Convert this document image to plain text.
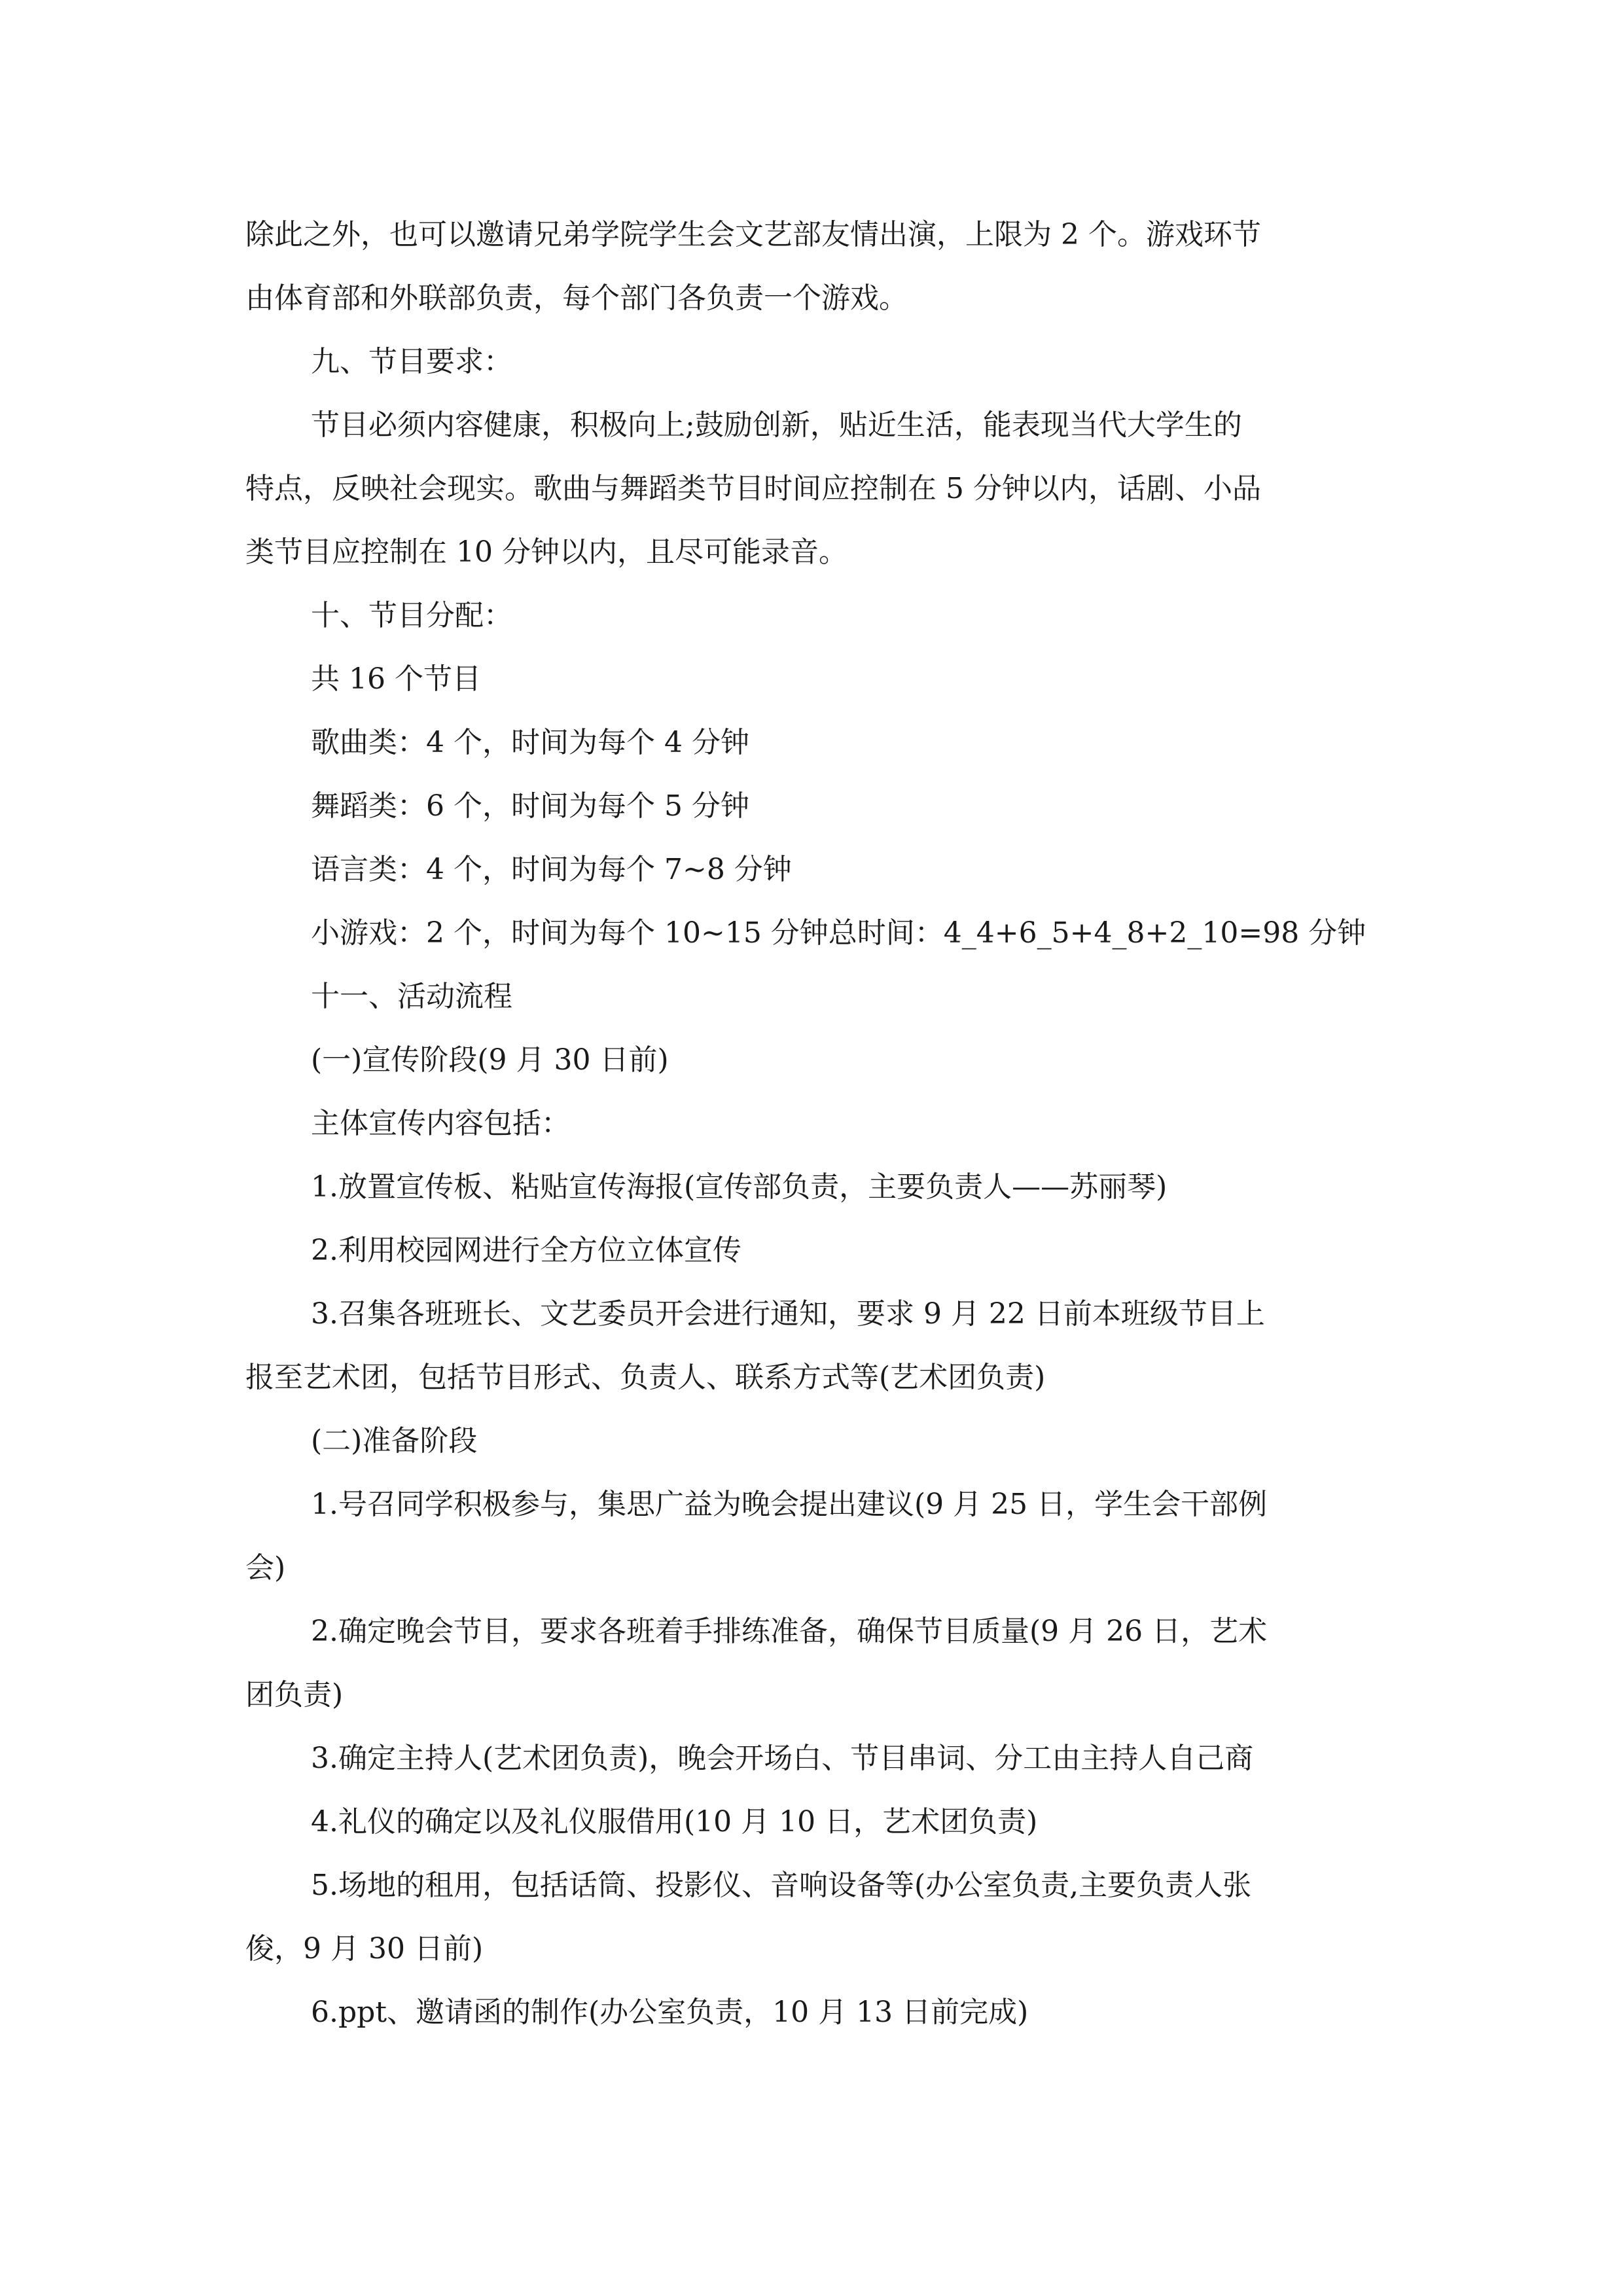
除此之外，也可以邀请兄弟学院学生会文艺部友情出演，上限为 2 个。游戏环节
由体育部和外联部负责，每个部门各负责一个游戏。
九、节目要求：
节目必须内容健康，积极向上;鼓励创新，贴近生活，能表现当代大学生的
特点，反映社会现实。歌曲与舞蹈类节目时间应控制在 5 分钟以内，话剧、小品
类节目应控制在 10 分钟以内，且尽可能录音。
十、节目分配：
共 16 个节目
歌曲类：4 个，时间为每个 4 分钟
舞蹈类：6 个，时间为每个 5 分钟
语言类：4 个，时间为每个 7~8 分钟
小游戏：2 个，时间为每个 10~15 分钟总时间：4_4+6_5+4_8+2_10=98 分钟
十一、活动流程
(一)宣传阶段(9 月 30 日前)
主体宣传内容包括：
1.放置宣传板、粘贴宣传海报(宣传部负责，主要负责人——苏丽琴)
2.利用校园网进行全方位立体宣传
3.召集各班班长、文艺委员开会进行通知，要求 9 月 22 日前本班级节目上
报至艺术团，包括节目形式、负责人、联系方式等(艺术团负责)
(二)准备阶段
1.号召同学积极参与，集思广益为晚会提出建议(9 月 25 日，学生会干部例
会)
2.确定晚会节目，要求各班着手排练准备，确保节目质量(9 月 26 日，艺术
团负责)
3.确定主持人(艺术团负责)，晚会开场白、节目串词、分工由主持人自己商
4.礼仪的确定以及礼仪服借用(10 月 10 日，艺术团负责)
5.场地的租用，包括话筒、投影仪、音响设备等(办公室负责,主要负责人张
俊，9 月 30 日前)
6.ppt、邀请函的制作(办公室负责，10 月 13 日前完成)
